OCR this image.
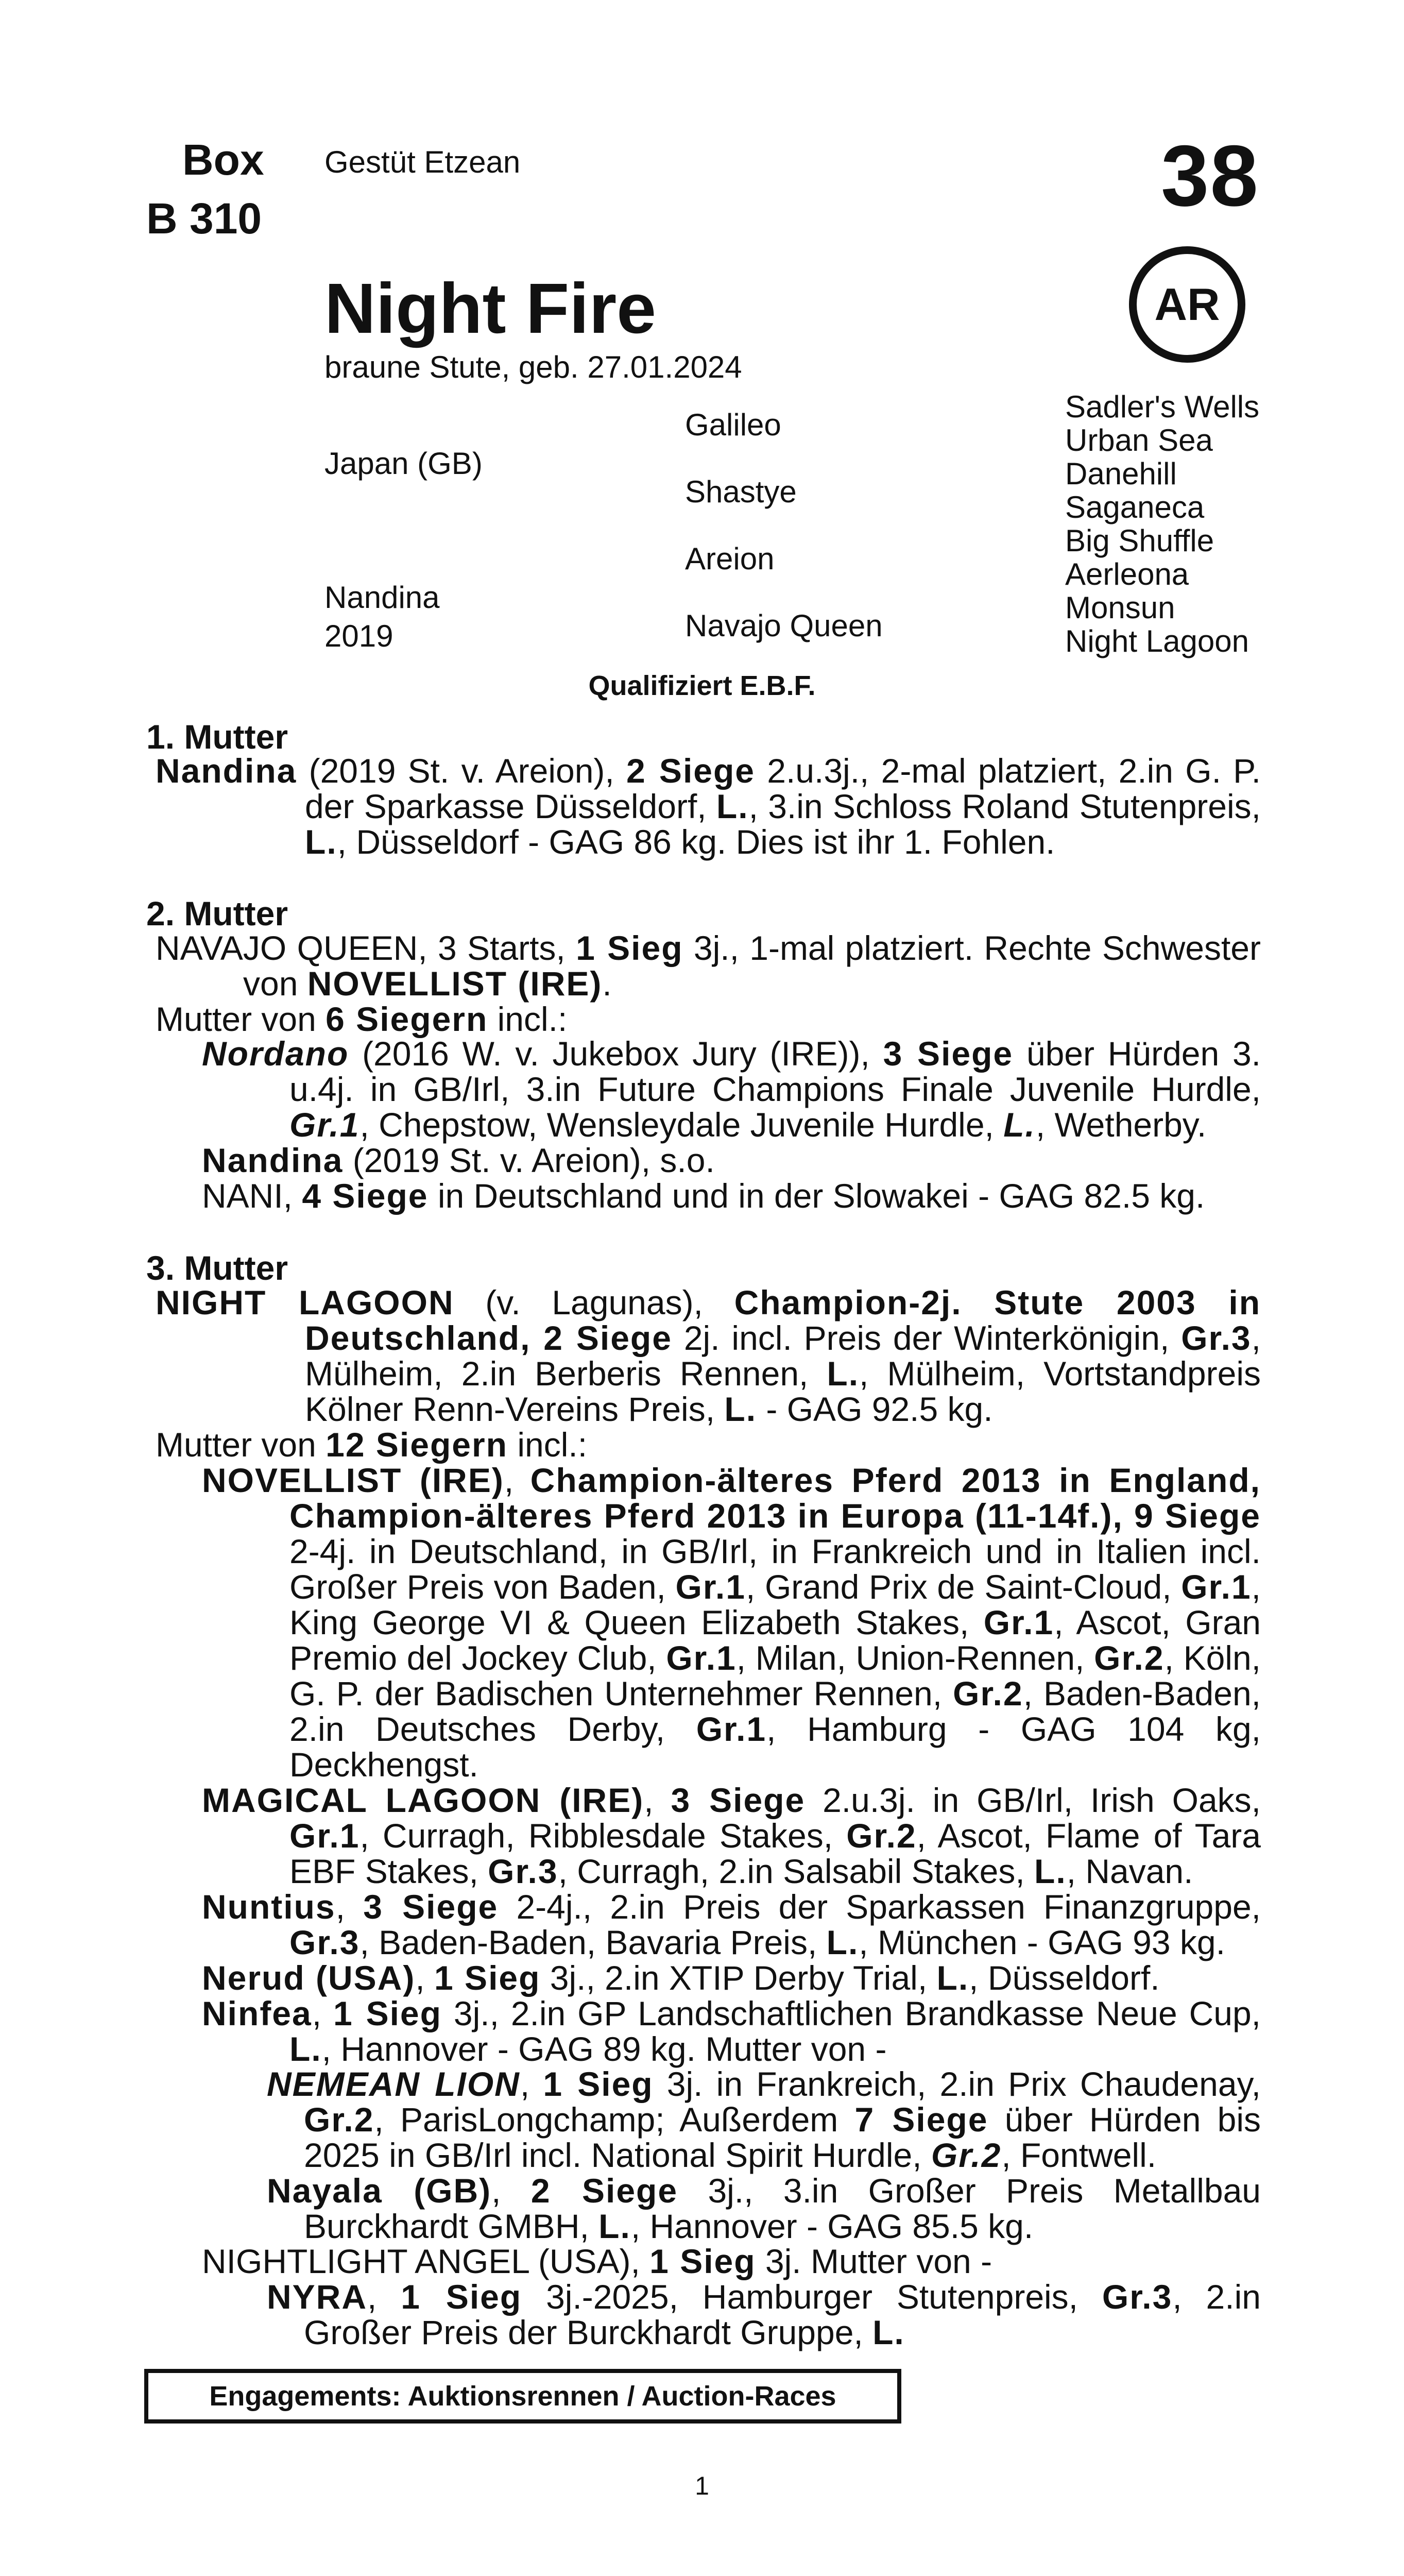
Box
B 310
Gestüt Etzean	38
AR
Night Fire
braune Stute, geb. 27.01.2024
Japan (GB)
Nandina
2019
Galileo
Shastye
Areion
Navajo Queen
Sadler's Wells
Urban Sea
Danehill
Saganeca
Big Shuffle
Aerleona
Monsun
Night Lagoon
Qualifiziert E.B.F.
1. Mutter

Nandina (2019 St. v. Areion), 2 Siege 2.u.3j., 2-mal platziert, 2.in G. P. der Sparkasse Düsseldorf, L., 3.in Schloss Roland Stutenpreis, L., Düsseldorf - GAG 86 kg. Dies ist ihr 1. Fohlen.

2. Mutter

NAVAJO QUEEN, 3 Starts, 1 Sieg 3j., 1-mal platziert. Rechte Schwester von NOVELLIST (IRE).

Mutter von 6 Siegern incl.:

Nordano (2016 W. v. Jukebox Jury (IRE)), 3 Siege über Hürden 3. u.4j. in GB/Irl, 3.in Future Champions Finale Juvenile Hurdle, Gr.1, Chepstow, Wensleydale Juvenile Hurdle, L., Wetherby.

Nandina (2019 St. v. Areion), s.o.

NANI, 4 Siege in Deutschland und in der Slowakei - GAG 82.5 kg.

3. Mutter

NIGHT LAGOON (v. Lagunas), Champion-2j. Stute 2003 in Deutschland, 2 Siege 2j. incl. Preis der Winterkönigin, Gr.3, Mülheim, 2.in Berberis Rennen, L., Mülheim, Vortstandpreis Kölner Renn-Vereins Preis, L. - GAG 92.5 kg.

Mutter von 12 Siegern incl.:

NOVELLIST (IRE), Champion-älteres Pferd 2013 in England, Champion-älteres Pferd 2013 in Europa (11-14f.), 9 Siege 2-4j. in Deutschland, in GB/Irl, in Frankreich und in Italien incl. Großer Preis von Baden, Gr.1, Grand Prix de Saint-Cloud, Gr.1, King George VI & Queen Elizabeth Stakes, Gr.1, Ascot, Gran Premio del Jockey Club, Gr.1, Milan, Union-Rennen, Gr.2, Köln, G. P. der Badischen Unternehmer Rennen, Gr.2, Baden-Baden, 2.in Deutsches Derby, Gr.1, Hamburg - GAG 104 kg, Deckhengst.

MAGICAL LAGOON (IRE), 3 Siege 2.u.3j. in GB/Irl, Irish Oaks, Gr.1, Curragh, Ribblesdale Stakes, Gr.2, Ascot, Flame of Tara EBF Stakes, Gr.3, Curragh, 2.in Salsabil Stakes, L., Navan.

Nuntius, 3 Siege 2-4j., 2.in Preis der Sparkassen Finanzgruppe, Gr.3, Baden-Baden, Bavaria Preis, L., München - GAG 93 kg.

Nerud (USA), 1 Sieg 3j., 2.in XTIP Derby Trial, L., Düsseldorf.

Ninfea, 1 Sieg 3j., 2.in GP Landschaftlichen Brandkasse Neue Cup, L., Hannover - GAG 89 kg. Mutter von -

NEMEAN LION, 1 Sieg 3j. in Frankreich, 2.in Prix Chaudenay, Gr.2, ParisLongchamp; Außerdem 7 Siege über Hürden bis 2025 in GB/Irl incl. National Spirit Hurdle, Gr.2, Fontwell.

Nayala (GB), 2 Siege 3j., 3.in Großer Preis Metallbau Burckhardt GMBH, L., Hannover - GAG 85.5 kg.

NIGHTLIGHT ANGEL (USA), 1 Sieg 3j. Mutter von -

NYRA, 1 Sieg 3j.-2025, Hamburger Stutenpreis, Gr.3, 2.in Großer Preis der Burckhardt Gruppe, L.

Engagements: Auktionsrennen / Auction-Races
1
